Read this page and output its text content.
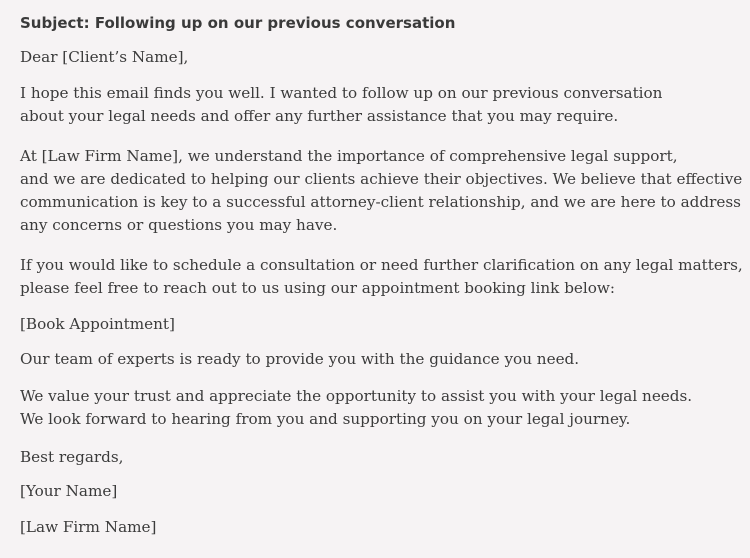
Subject: Following up on our previous conversation

Dear [Client’s Name],

I hope this email finds you well. I wanted to follow up on our previous conversation
about your legal needs and offer any further assistance that you may require.

At [Law Firm Name], we understand the importance of comprehensive legal support,
and we are dedicated to helping our clients achieve their objectives. We believe that effective
communication is key to a successful attorney-client relationship, and we are here to address
any concerns or questions you may have.

If you would like to schedule a consultation or need further clarification on any legal matters,
please feel free to reach out to us using our appointment booking link below:

[Book Appointment]

Our team of experts is ready to provide you with the guidance you need.

We value your trust and appreciate the opportunity to assist you with your legal needs.
We look forward to hearing from you and supporting you on your legal journey.

Best regards,

[Your Name]

[Law Firm Name]
